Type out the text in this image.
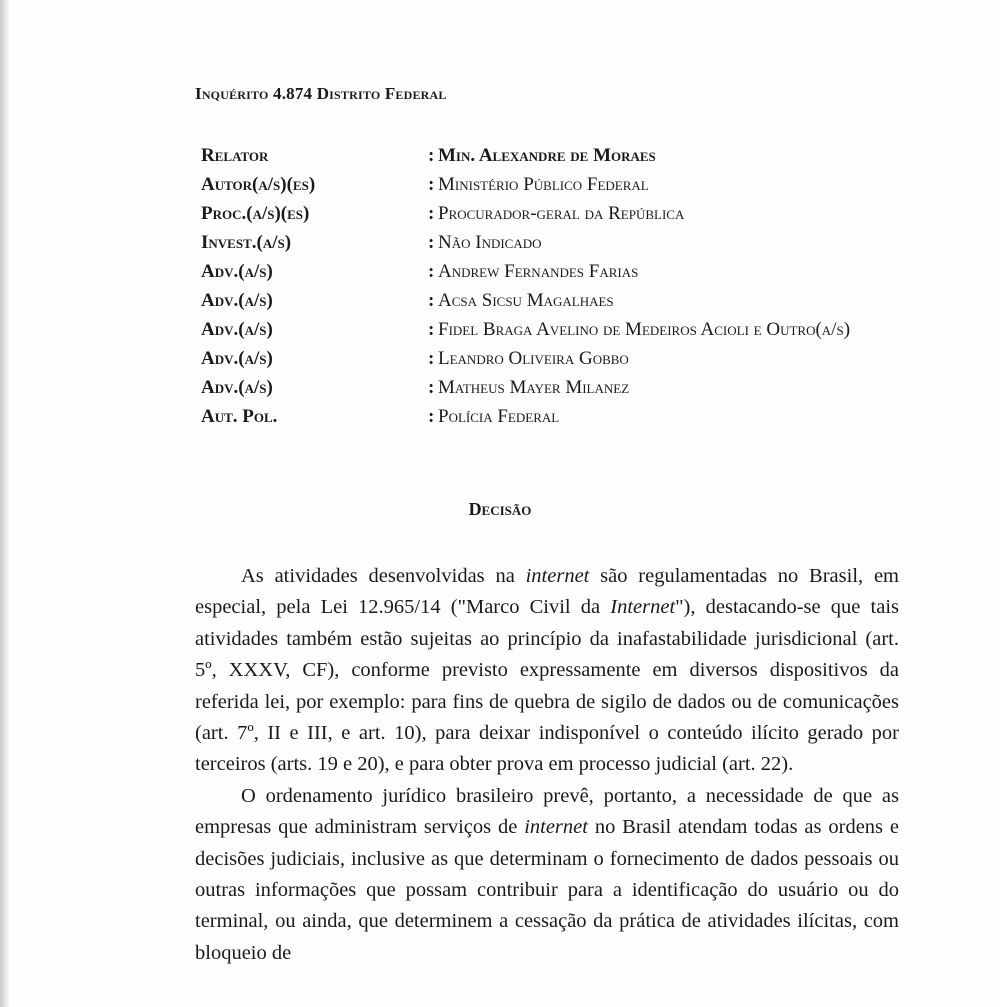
Inquérito 4.874 Distrito Federal
Relator	: Min. Alexandre de Moraes
Autor(a/s)(es)	: Ministério Público Federal
Proc.(a/s)(es)	: Procurador-geral da República
Invest.(a/s)	: Não Indicado
Adv.(a/s)	: Andrew Fernandes Farias
Adv.(a/s)	: Acsa Sicsu Magalhaes
Adv.(a/s)	: Fidel Braga Avelino de Medeiros Acioli e Outro(a/s)
Adv.(a/s)	: Leandro Oliveira Gobbo
Adv.(a/s)	: Matheus Mayer Milanez
Aut. Pol.	: Polícia Federal
Decisão

As atividades desenvolvidas na internet são regulamentadas no Brasil, em especial, pela Lei 12.965/14 ("Marco Civil da Internet"), destacando-se que tais atividades também estão sujeitas ao princípio da inafastabilidade jurisdicional (art. 5º, XXXV, CF), conforme previsto expressamente em diversos dispositivos da referida lei, por exemplo: para fins de quebra de sigilo de dados ou de comunicações (art. 7º, II e III, e art. 10), para deixar indisponível o conteúdo ilícito gerado por terceiros (arts. 19 e 20), e para obter prova em processo judicial (art. 22).

O ordenamento jurídico brasileiro prevê, portanto, a necessidade de que as empresas que administram serviços de internet no Brasil atendam todas as ordens e decisões judiciais, inclusive as que determinam o fornecimento de dados pessoais ou outras informações que possam contribuir para a identificação do usuário ou do terminal, ou ainda, que determinem a cessação da prática de atividades ilícitas, com bloqueio de
